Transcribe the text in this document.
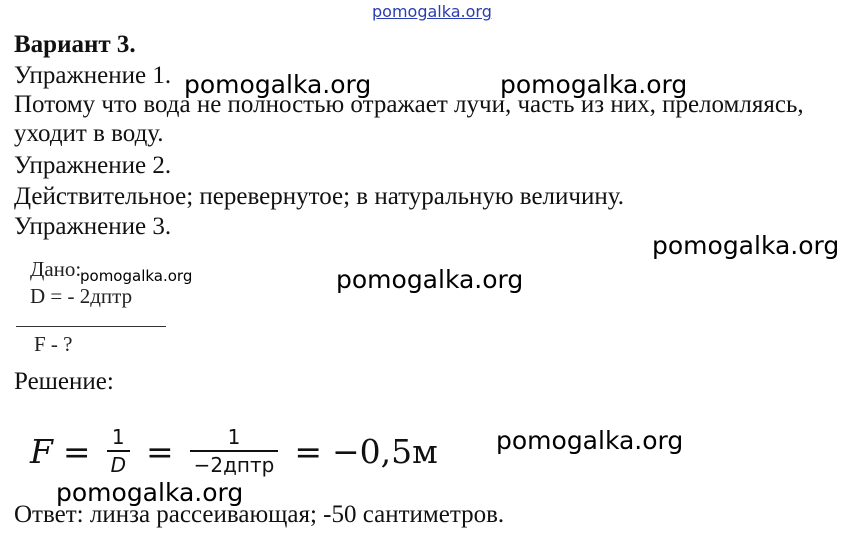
pomogalka.org
Вариант 3.
Упражнение 1.
Потому что вода не полностью отражает лучи, часть из них, преломляясь,
уходит в воду.
Упражнение 2.
Действительное; перевернутое; в натуральную величину.
Упражнение 3.
Дано:
D = - 2дптр
F - ?
Решение:
$F = \frac{1}{D} = \frac{1}{\text{−2дптр}} = -0,5м$
Ответ: линза рассеивающая; -50 сантиметров.
pomogalka.org	pomogalka.org
pomogalka.org
pomogalka.org	pomogalka.org
pomogalka.org
pomogalka.org
